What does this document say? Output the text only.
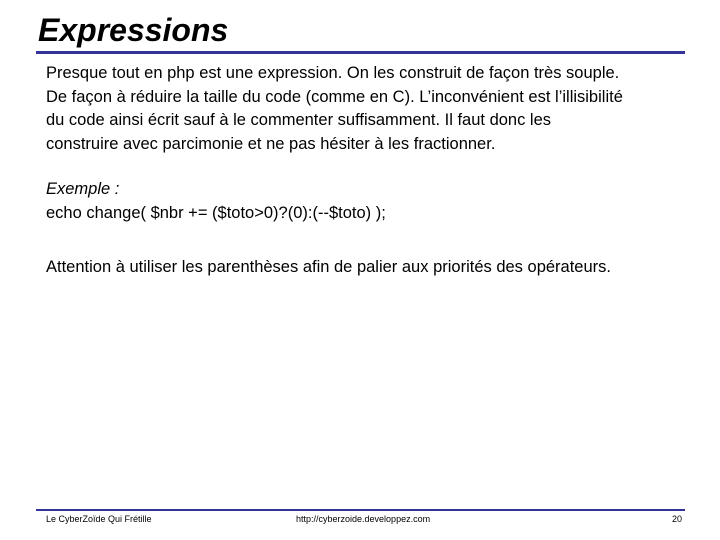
Expressions
Presque tout en php est une expression. On les construit de façon très souple.
De façon à réduire la taille du code (comme en C). L’inconvénient est l’illisibilité
du code ainsi écrit sauf à le commenter suffisamment. Il faut donc les
construire avec parcimonie et ne pas hésiter à les fractionner.
Exemple :
echo change( $nbr += ($toto>0)?(0):(--$toto) );
Attention à utiliser les parenthèses afin de palier aux priorités des opérateurs.
Le CyberZoïde Qui Frétille	http://cyberzoide.developpez.com	20
